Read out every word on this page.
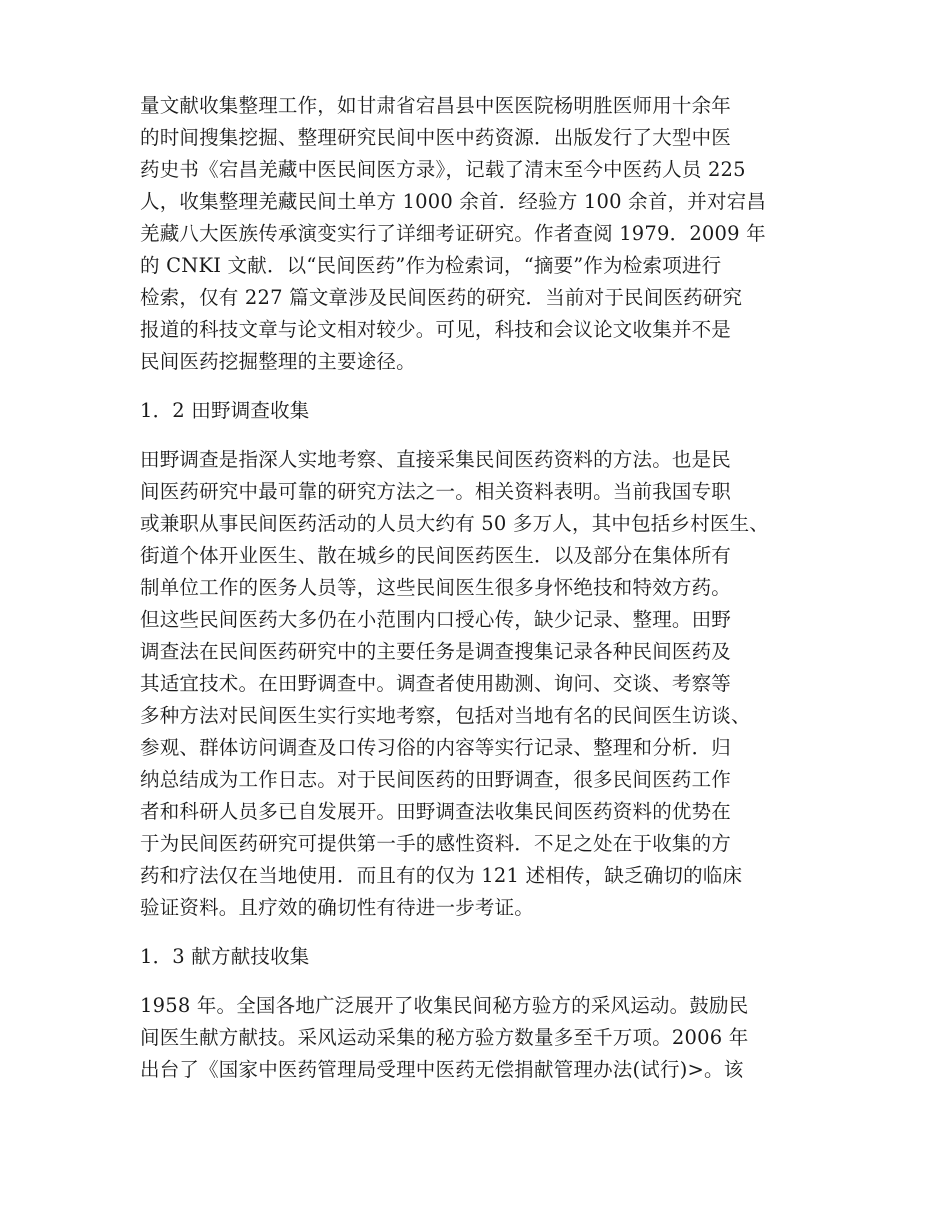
量文献收集整理工作，如甘肃省宕昌县中医医院杨明胜医师用十余年
的时间搜集挖掘、整理研究民间中医中药资源．出版发行了大型中医
药史书《宕昌羌藏中医民间医方录》，记载了清末至今中医药人员 225
人，收集整理羌藏民间土单方 1000 余首．经验方 100 余首，并对宕昌
羌藏八大医族传承演变实行了详细考证研究。作者查阅 1979．2009 年
的 CNKI 文献．以“民间医药”作为检索词，“摘要”作为检索项进行
检索，仅有 227 篇文章涉及民间医药的研究．当前对于民间医药研究
报道的科技文章与论文相对较少。可见，科技和会议论文收集并不是
民间医药挖掘整理的主要途径。
1．2 田野调查收集
田野调查是指深人实地考察、直接采集民间医药资料的方法。也是民
间医药研究中最可靠的研究方法之一。相关资料表明。当前我国专职
或兼职从事民间医药活动的人员大约有 50 多万人，其中包括乡村医生、
街道个体开业医生、散在城乡的民间医药医生．以及部分在集体所有
制单位工作的医务人员等，这些民间医生很多身怀绝技和特效方药。
但这些民间医药大多仍在小范围内口授心传，缺少记录、整理。田野
调查法在民间医药研究中的主要任务是调查搜集记录各种民间医药及
其适宜技术。在田野调查中。调查者使用勘测、询问、交谈、考察等
多种方法对民间医生实行实地考察，包括对当地有名的民间医生访谈、
参观、群体访问调查及口传习俗的内容等实行记录、整理和分析．归
纳总结成为工作日志。对于民间医药的田野调查，很多民间医药工作
者和科研人员多已自发展开。田野调查法收集民间医药资料的优势在
于为民间医药研究可提供第一手的感性资料．不足之处在于收集的方
药和疗法仅在当地使用．而且有的仅为 121 述相传，缺乏确切的临床
验证资料。且疗效的确切性有待进一步考证。
1．3 献方献技收集
1958 年。全国各地广泛展开了收集民间秘方验方的采风运动。鼓励民
间医生献方献技。采风运动采集的秘方验方数量多至千万项。2006 年
出台了《国家中医药管理局受理中医药无偿捐献管理办法(试行)>。该
